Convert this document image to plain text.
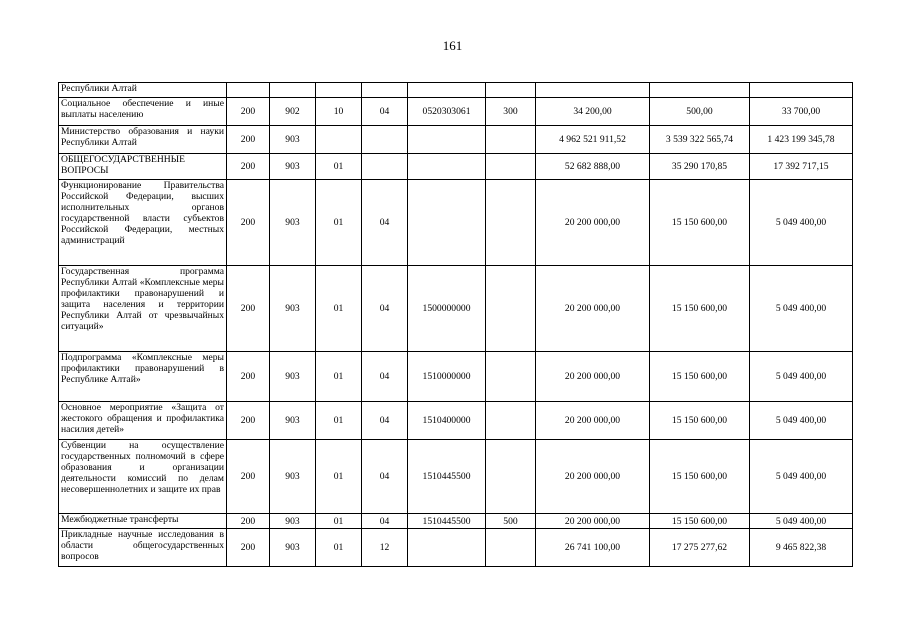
161
Республики Алтай									
Социальное обеспечение и иные выплаты населению	200	902	10	04	0520303061	300	34 200,00	500,00	33 700,00
Министерство образования и науки Республики Алтай	200	903					4 962 521 911,52	3 539 322 565,74	1 423 199 345,78
ОБЩЕГОСУДАРСТВЕННЫЕ ВОПРОСЫ	200	903	01				52 682 888,00	35 290 170,85	17 392 717,15
Функционирование Правительства Российской Федерации, высших исполнительных органов государственной власти субъектов Российской Федерации, местных администраций	200	903	01	04			20 200 000,00	15 150 600,00	5 049 400,00
Государственная программа Республики Алтай «Комплексные меры профилактики правонарушений и защита населения и территории Республики Алтай от чрезвычайных ситуаций»	200	903	01	04	1500000000		20 200 000,00	15 150 600,00	5 049 400,00
Подпрограмма «Комплексные меры профилактики правонарушений в Республике Алтай»	200	903	01	04	1510000000		20 200 000,00	15 150 600,00	5 049 400,00
Основное мероприятие «Защита от жестокого обращения и профилактика насилия детей»	200	903	01	04	1510400000		20 200 000,00	15 150 600,00	5 049 400,00
Субвенции на осуществление государственных полномочий в сфере образования и организации деятельности комиссий по делам несовершеннолетних и защите их прав	200	903	01	04	1510445500		20 200 000,00	15 150 600,00	5 049 400,00
Межбюджетные трансферты	200	903	01	04	1510445500	500	20 200 000,00	15 150 600,00	5 049 400,00
Прикладные научные исследования в области общегосударственных вопросов	200	903	01	12			26 741 100,00	17 275 277,62	9 465 822,38
